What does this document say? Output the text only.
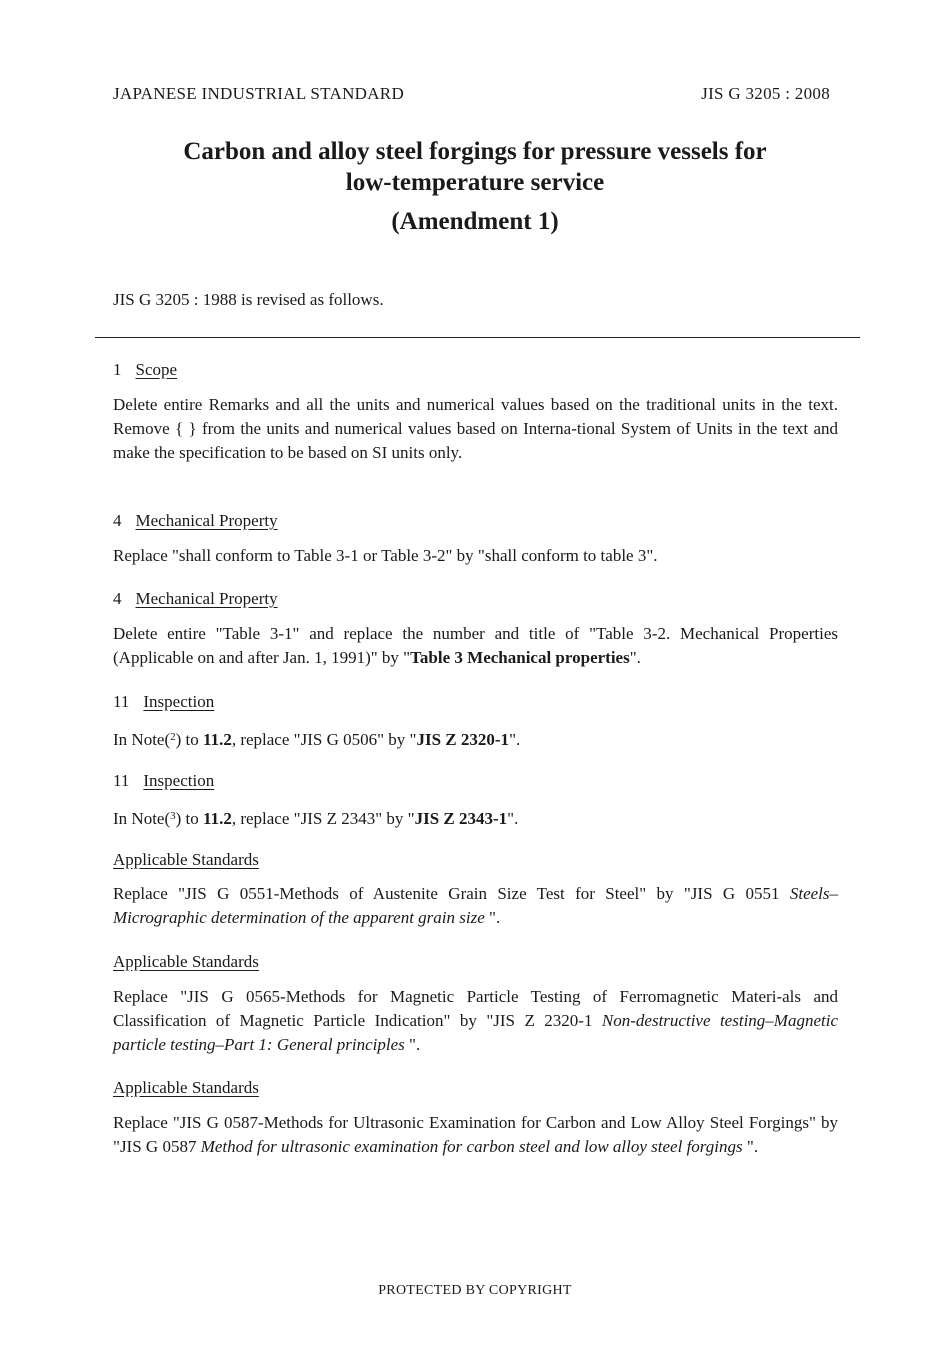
JAPANESE INDUSTRIAL STANDARD	JIS G 3205 : 2008
Carbon and alloy steel forgings for pressure vessels for
low-temperature service
(Amendment 1)
JIS G 3205 : 1988 is revised as follows.
1 Scope
Delete entire Remarks and all the units and numerical values based on the traditional units in the text. Remove { } from the units and numerical values based on Interna-tional System of Units in the text and make the specification to be based on SI units only.
4 Mechanical Property
Replace "shall conform to Table 3-1 or Table 3-2" by "shall conform to table 3".
4 Mechanical Property
Delete entire "Table 3-1" and replace the number and title of "Table 3-2. Mechanical Properties (Applicable on and after Jan. 1, 1991)" by "Table 3 Mechanical properties".
11 Inspection
In Note($^2$) to 11.2, replace "JIS G 0506" by "JIS Z 2320-1".
11 Inspection
In Note($^3$) to 11.2, replace "JIS Z 2343" by "JIS Z 2343-1".
Applicable Standards
Replace "JIS G 0551-Methods of Austenite Grain Size Test for Steel" by "JIS G 0551 Steels–Micrographic determination of the apparent grain size ".
Applicable Standards
Replace "JIS G 0565-Methods for Magnetic Particle Testing of Ferromagnetic Materi-als and Classification of Magnetic Particle Indication" by "JIS Z 2320-1 Non-destructive testing–Magnetic particle testing–Part 1: General principles ".
Applicable Standards
Replace "JIS G 0587-Methods for Ultrasonic Examination for Carbon and Low Alloy Steel Forgings" by "JIS G 0587 Method for ultrasonic examination for carbon steel and low alloy steel forgings ".
PROTECTED BY COPYRIGHT
